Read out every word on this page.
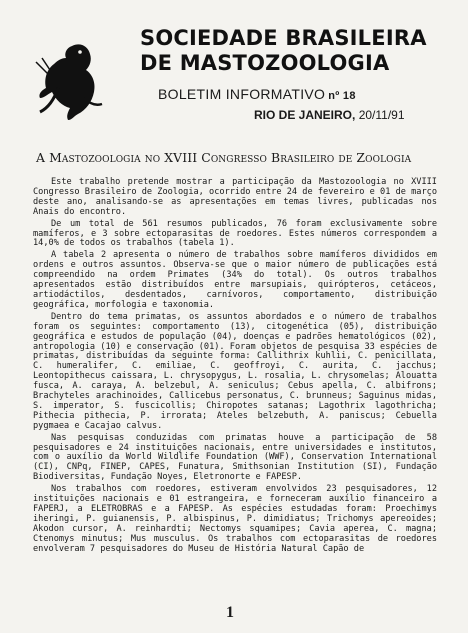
SOCIEDADE BRASILEIRA
DE MASTOZOOLOGIA
BOLETIM INFORMATIVO nº 18
RIO DE JANEIRO, 20/11/91
A Mastozoologia no XVIII Congresso Brasileiro de Zoologia

Este trabalho pretende mostrar a participação da Mastozoologia no XVIII Congresso Brasileiro de Zoologia, ocorrido entre 24 de fevereiro e 01 de março deste ano, analisando-se as apresentações em temas livres, publicadas nos Anais do encontro.

De um total de 561 resumos publicados, 76 foram exclusivamente sobre mamíferos, e 3 sobre ectoparasitas de roedores. Estes números correspondem a 14,0% de todos os trabalhos (tabela 1).

A tabela 2 apresenta o número de trabalhos sobre mamíferos divididos em ordens e outros assuntos. Observa-se que o maior número de publicações está compreendido na ordem Primates (34% do total). Os outros trabalhos apresentados estão distribuídos entre marsupiais, quirópteros, cetáceos, artiodáctilos, desdentados, carnívoros, comportamento, distribuição geográfica, morfologia e taxonomia.

Dentro do tema primatas, os assuntos abordados e o número de trabalhos foram os seguintes: comportamento (13), citogenética (05), distribuição geográfica e estudos de população (04), doenças e padrões hematológicos (02), antropologia (10) e conservação (01). Foram objetos de pesquisa 33 espécies de primatas, distribuídas da seguinte forma: Callithrix kuhlii, C. penicillata, C. humeralifer, C. emiliae, C. geoffroyi, C. aurita, C. jacchus; Leontopithecus caissara, L. chrysopygus, L. rosalia, L. chrysomelas; Alouatta fusca, A. caraya, A. belzebul, A. seniculus; Cebus apella, C. albifrons; Brachyteles arachinoides, Callicebus personatus, C. brunneus; Saguinus midas, S. imperator, S. fuscicollis; Chiropotes satanas; Lagothrix lagothricha; Pithecia pithecia, P. irrorata; Ateles belzebuth, A. paniscus; Cebuella pygmaea e Cacajao calvus.

Nas pesquisas conduzidas com primatas houve a participação de 58 pesquisadores e 24 instituições nacionais, entre universidades e institutos, com o auxílio da World Wildlife Foundation (WWF), Conservation International (CI), CNPq, FINEP, CAPES, Funatura, Smithsonian Institution (SI), Fundação Biodiversitas, Fundação Noyes, Eletronorte e FAPESP.

Nos trabalhos com roedores, estiveram envolvidos 23 pesquisadores, 12 instituições nacionais e 01 estrangeira, e forneceram auxílio financeiro a FAPERJ, a ELETROBRAS e a FAPESP. As espécies estudadas foram: Proechimys iheringi, P. guianensis, P. albispinus, P. dimidiatus; Trichomys apereoides; Akodon cursor, A. reinhardti; Nectomys squamipes; Cavia aperea, C. magna; Ctenomys minutus; Mus musculus. Os trabalhos com ectoparasitas de roedores envolveram 7 pesquisadores do Museu de História Natural Capão de

1
